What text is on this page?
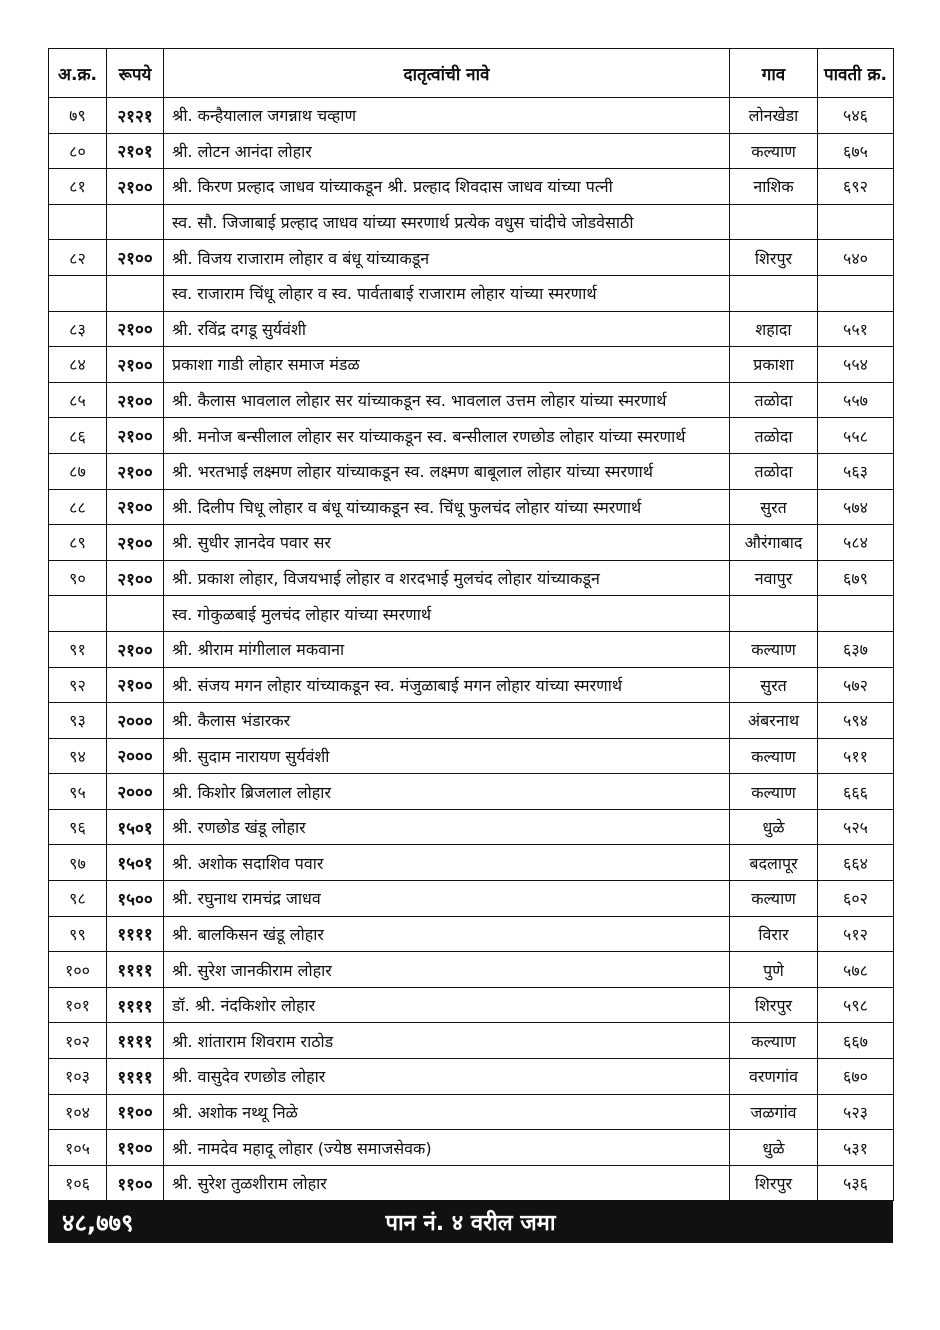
अ.क्र.	रूपये	दातृत्वांची नावे	गाव	पावती क्र.
७९	२१२१	श्री. कन्हैयालाल जगन्नाथ चव्हाण	लोनखेडा	५४६
८०	२१०१	श्री. लोटन आनंदा लोहार	कल्याण	६७५
८१	२१००	श्री. किरण प्रल्हाद जाधव यांच्याकडून श्री. प्रल्हाद शिवदास जाधव यांच्या पत्नी	नाशिक	६९२
		स्व. सौ. जिजाबाई प्रल्हाद जाधव यांच्या स्मरणार्थ प्रत्येक वधुस चांदीचे जोडवेसाठी		
८२	२१००	श्री. विजय राजाराम लोहार व बंधू यांच्याकडून	शिरपुर	५४०
		स्व. राजाराम चिंधू लोहार व स्व. पार्वताबाई राजाराम लोहार यांच्या स्मरणार्थ		
८३	२१००	श्री. रविंद्र दगडू सुर्यवंशी	शहादा	५५१
८४	२१००	प्रकाशा गाडी लोहार समाज मंडळ	प्रकाशा	५५४
८५	२१००	श्री. कैलास भावलाल लोहार सर यांच्याकडून स्व. भावलाल उत्तम लोहार यांच्या स्मरणार्थ	तळोदा	५५७
८६	२१००	श्री. मनोज बन्सीलाल लोहार सर यांच्याकडून स्व. बन्सीलाल रणछोड लोहार यांच्या स्मरणार्थ	तळोदा	५५८
८७	२१००	श्री. भरतभाई लक्ष्मण लोहार यांच्याकडून स्व. लक्ष्मण बाबूलाल लोहार यांच्या स्मरणार्थ	तळोदा	५६३
८८	२१००	श्री. दिलीप चिधू लोहार व बंधू यांच्याकडून स्व. चिंधू फुलचंद लोहार यांच्या स्मरणार्थ	सुरत	५७४
८९	२१००	श्री. सुधीर ज्ञानदेव पवार सर	औरंगाबाद	५८४
९०	२१००	श्री. प्रकाश लोहार, विजयभाई लोहार व शरदभाई मुलचंद लोहार यांच्याकडून	नवापुर	६७९
		स्व. गोकुळबाई मुलचंद लोहार यांच्या स्मरणार्थ		
९१	२१००	श्री. श्रीराम मांगीलाल मकवाना	कल्याण	६३७
९२	२१००	श्री. संजय मगन लोहार यांच्याकडून स्व. मंजुळाबाई मगन लोहार यांच्या स्मरणार्थ	सुरत	५७२
९३	२०००	श्री. कैलास भंडारकर	अंबरनाथ	५९४
९४	२०००	श्री. सुदाम नारायण सुर्यवंशी	कल्याण	५११
९५	२०००	श्री. किशोर ब्रिजलाल लोहार	कल्याण	६६६
९६	१५०१	श्री. रणछोड खंडू लोहार	धुळे	५२५
९७	१५०१	श्री. अशोक सदाशिव पवार	बदलापूर	६६४
९८	१५००	श्री. रघुनाथ रामचंद्र जाधव	कल्याण	६०२
९९	११११	श्री. बालकिसन खंडू लोहार	विरार	५१२
१००	११११	श्री. सुरेश जानकीराम लोहार	पुणे	५७८
१०१	११११	डॉ. श्री. नंदकिशोर लोहार	शिरपुर	५९८
१०२	११११	श्री. शांताराम शिवराम राठोड	कल्याण	६६७
१०३	११११	श्री. वासुदेव रणछोड लोहार	वरणगांव	६७०
१०४	११००	श्री. अशोक नथ्थू निळे	जळगांव	५२३
१०५	११००	श्री. नामदेव महादू लोहार (ज्येष्ठ समाजसेवक)	धुळे	५३१
१०६	११००	श्री. सुरेश तुळशीराम लोहार	शिरपुर	५३६
४८,७७९	पान नं. ४ वरील जमा
